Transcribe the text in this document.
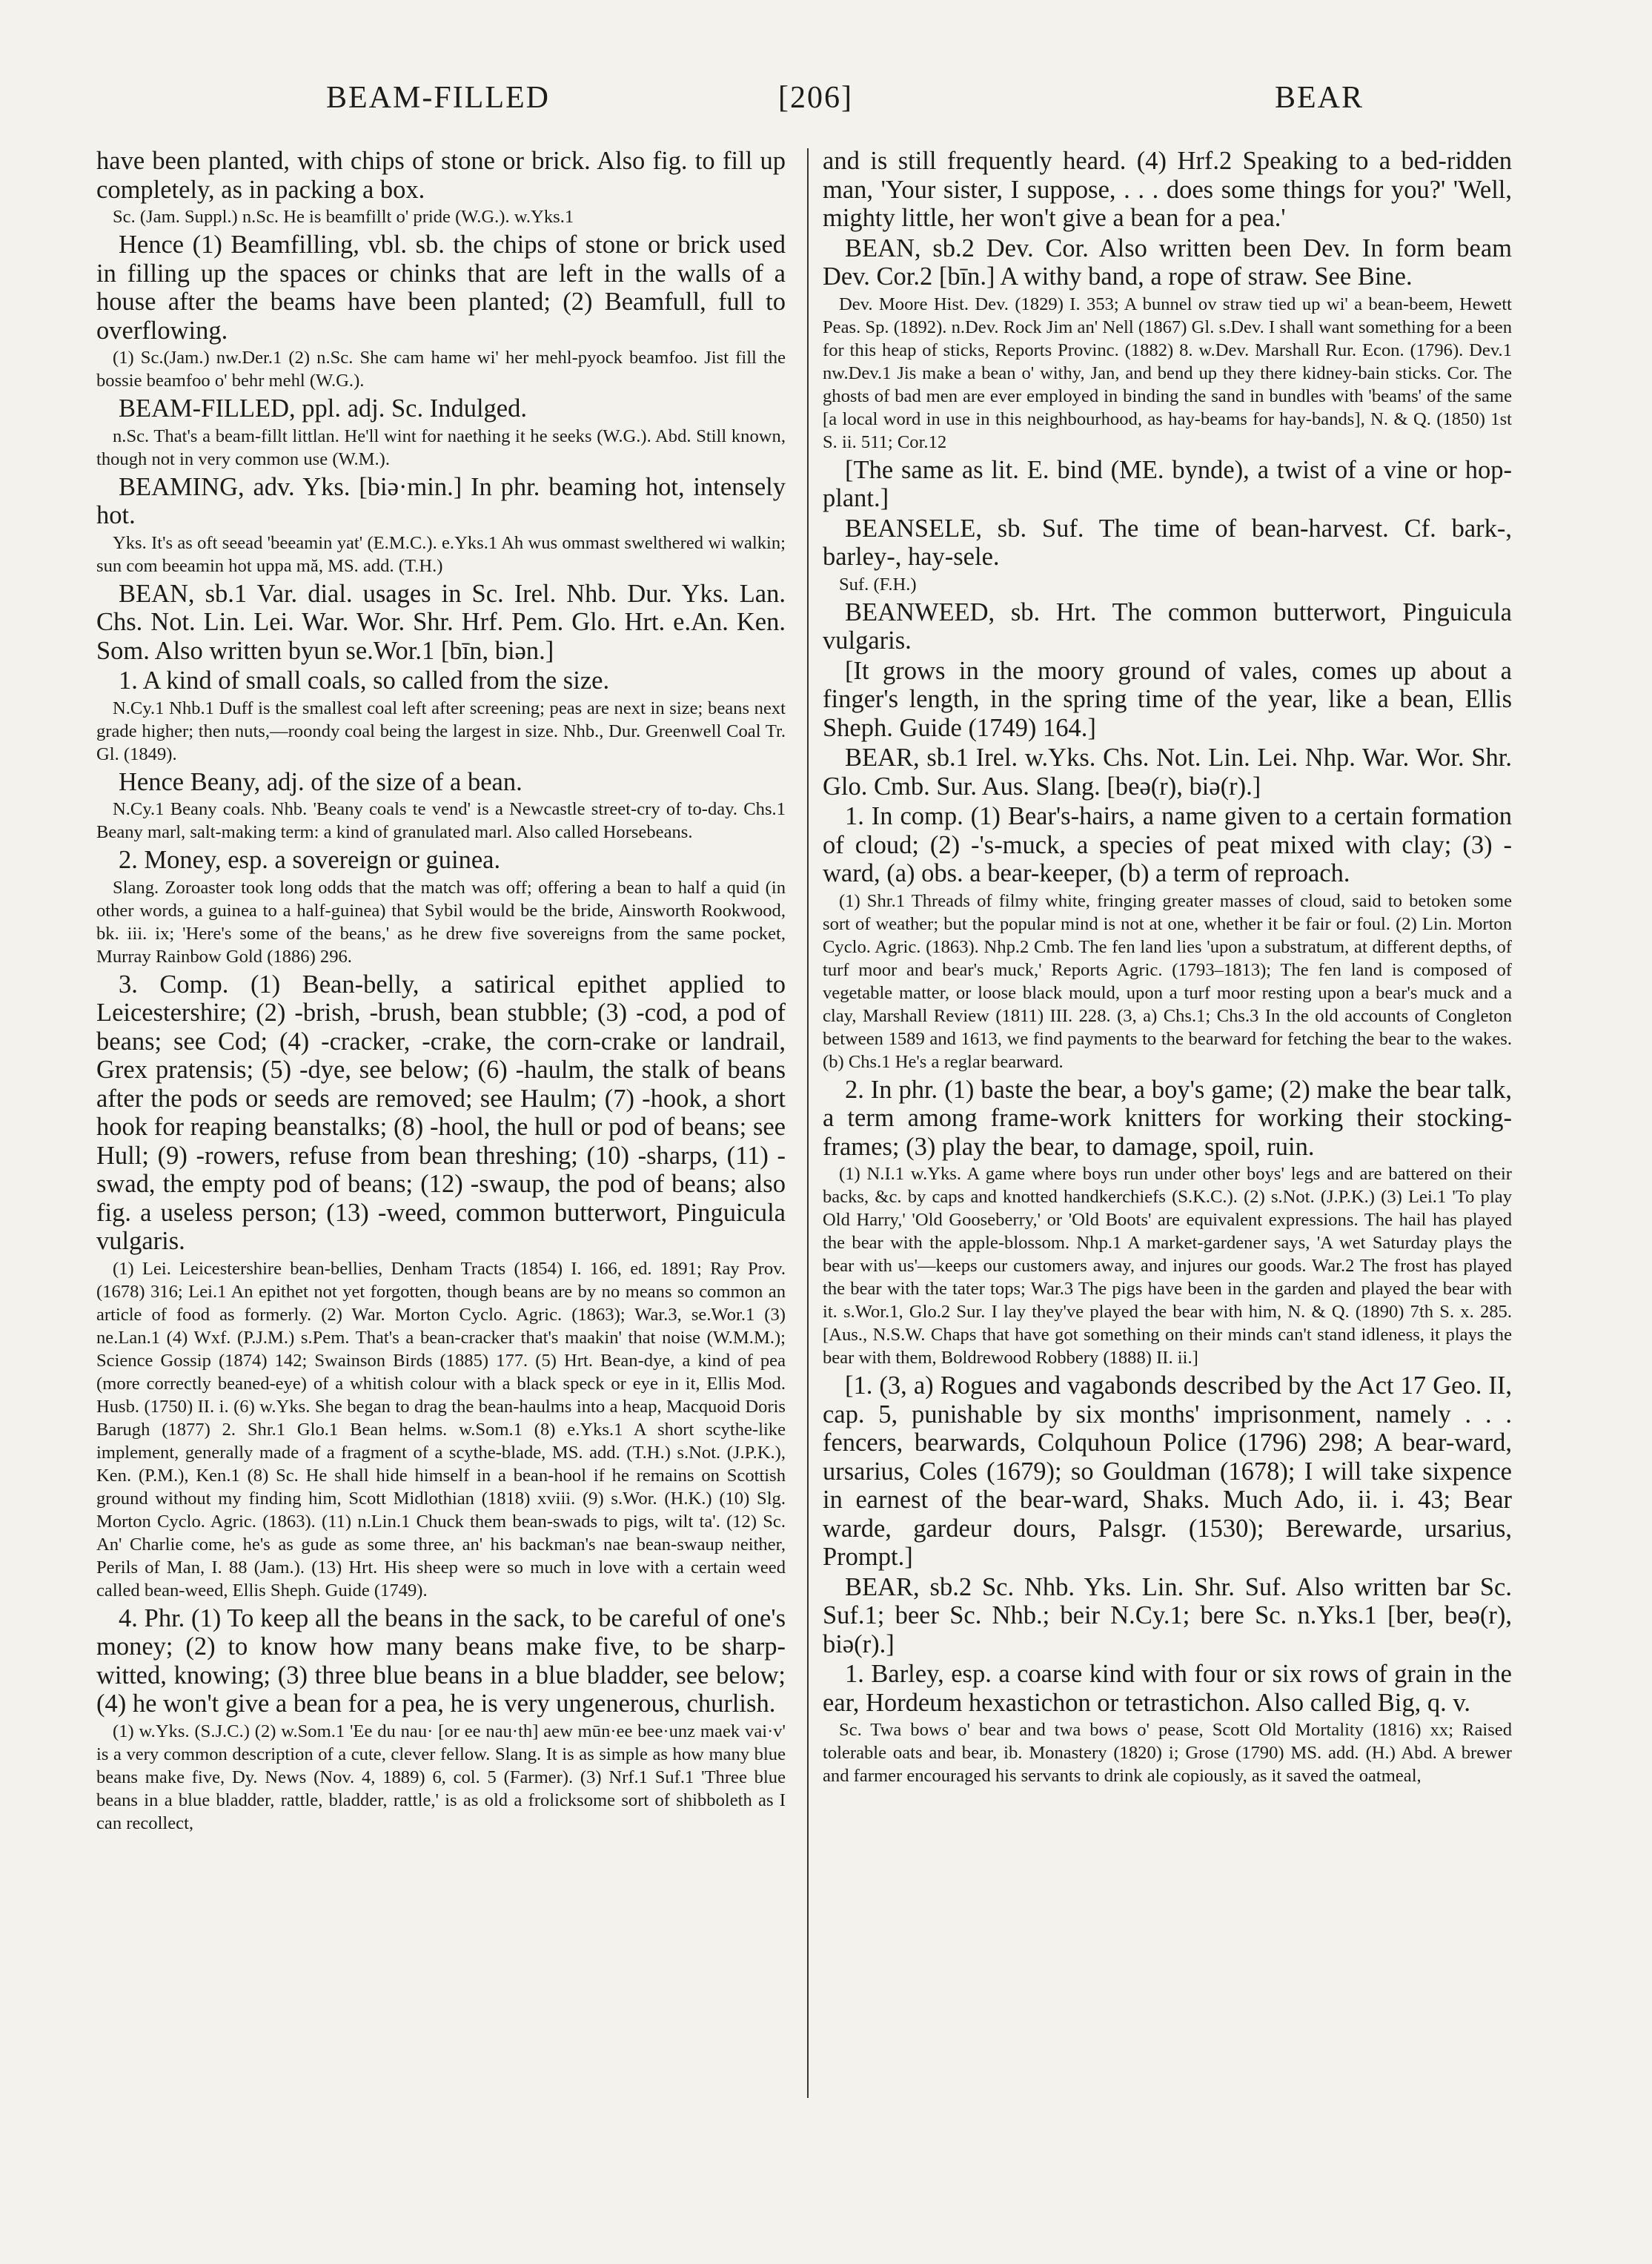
BEAM-FILLED	[206]	BEAR

have been planted, with chips of stone or brick. Also fig. to fill up completely, as in packing a box.

Sc. (Jam. Suppl.) n.Sc. He is beamfillt o' pride (W.G.). w.Yks.1

Hence (1) Beamfilling, vbl. sb. the chips of stone or brick used in filling up the spaces or chinks that are left in the walls of a house after the beams have been planted; (2) Beamfull, full to overflowing.

(1) Sc.(Jam.) nw.Der.1 (2) n.Sc. She cam hame wi' her mehl-pyock beamfoo. Jist fill the bossie beamfoo o' behr mehl (W.G.).

BEAM-FILLED, ppl. adj. Sc. Indulged.

n.Sc. That's a beam-fillt littlan. He'll wint for naething it he seeks (W.G.). Abd. Still known, though not in very common use (W.M.).

BEAMING, adv. Yks. [biə·min.] In phr. beaming hot, intensely hot.

Yks. It's as oft seead 'beeamin yat' (E.M.C.). e.Yks.1 Ah wus ommast swelthered wi walkin; sun com beeamin hot uppa mă, MS. add. (T.H.)

BEAN, sb.1 Var. dial. usages in Sc. Irel. Nhb. Dur. Yks. Lan. Chs. Not. Lin. Lei. War. Wor. Shr. Hrf. Pem. Glo. Hrt. e.An. Ken. Som. Also written byun se.Wor.1 [bīn, biən.]

1. A kind of small coals, so called from the size.

N.Cy.1 Nhb.1 Duff is the smallest coal left after screening; peas are next in size; beans next grade higher; then nuts,—roondy coal being the largest in size. Nhb., Dur. Greenwell Coal Tr. Gl. (1849).

Hence Beany, adj. of the size of a bean.

N.Cy.1 Beany coals. Nhb. 'Beany coals te vend' is a Newcastle street-cry of to-day. Chs.1 Beany marl, salt-making term: a kind of granulated marl. Also called Horsebeans.

2. Money, esp. a sovereign or guinea.

Slang. Zoroaster took long odds that the match was off; offering a bean to half a quid (in other words, a guinea to a half-guinea) that Sybil would be the bride, Ainsworth Rookwood, bk. iii. ix; 'Here's some of the beans,' as he drew five sovereigns from the same pocket, Murray Rainbow Gold (1886) 296.

3. Comp. (1) Bean-belly, a satirical epithet applied to Leicestershire; (2) -brish, -brush, bean stubble; (3) -cod, a pod of beans; see Cod; (4) -cracker, -crake, the corn-crake or landrail, Grex pratensis; (5) -dye, see below; (6) -haulm, the stalk of beans after the pods or seeds are removed; see Haulm; (7) -hook, a short hook for reaping beanstalks; (8) -hool, the hull or pod of beans; see Hull; (9) -rowers, refuse from bean threshing; (10) -sharps, (11) -swad, the empty pod of beans; (12) -swaup, the pod of beans; also fig. a useless person; (13) -weed, common butterwort, Pinguicula vulgaris.

(1) Lei. Leicestershire bean-bellies, Denham Tracts (1854) I. 166, ed. 1891; Ray Prov. (1678) 316; Lei.1 An epithet not yet forgotten, though beans are by no means so common an article of food as formerly. (2) War. Morton Cyclo. Agric. (1863); War.3, se.Wor.1 (3) ne.Lan.1 (4) Wxf. (P.J.M.) s.Pem. That's a bean-cracker that's maakin' that noise (W.M.M.); Science Gossip (1874) 142; Swainson Birds (1885) 177. (5) Hrt. Bean-dye, a kind of pea (more correctly beaned-eye) of a whitish colour with a black speck or eye in it, Ellis Mod. Husb. (1750) II. i. (6) w.Yks. She began to drag the bean-haulms into a heap, Macquoid Doris Barugh (1877) 2. Shr.1 Glo.1 Bean helms. w.Som.1 (8) e.Yks.1 A short scythe-like implement, generally made of a fragment of a scythe-blade, MS. add. (T.H.) s.Not. (J.P.K.), Ken. (P.M.), Ken.1 (8) Sc. He shall hide himself in a bean-hool if he remains on Scottish ground without my finding him, Scott Midlothian (1818) xviii. (9) s.Wor. (H.K.) (10) Slg. Morton Cyclo. Agric. (1863). (11) n.Lin.1 Chuck them bean-swads to pigs, wilt ta'. (12) Sc. An' Charlie come, he's as gude as some three, an' his backman's nae bean-swaup neither, Perils of Man, I. 88 (Jam.). (13) Hrt. His sheep were so much in love with a certain weed called bean-weed, Ellis Sheph. Guide (1749).

4. Phr. (1) To keep all the beans in the sack, to be careful of one's money; (2) to know how many beans make five, to be sharp-witted, knowing; (3) three blue beans in a blue bladder, see below; (4) he won't give a bean for a pea, he is very ungenerous, churlish.

(1) w.Yks. (S.J.C.) (2) w.Som.1 'Ee du nau· [or ee nau·th] aew mūn·ee bee·unz maek vai·v' is a very common description of a cute, clever fellow. Slang. It is as simple as how many blue beans make five, Dy. News (Nov. 4, 1889) 6, col. 5 (Farmer). (3) Nrf.1 Suf.1 'Three blue beans in a blue bladder, rattle, bladder, rattle,' is as old a frolicksome sort of shibboleth as I can recollect,

and is still frequently heard. (4) Hrf.2 Speaking to a bed-ridden man, 'Your sister, I suppose, . . . does some things for you?' 'Well, mighty little, her won't give a bean for a pea.'

BEAN, sb.2 Dev. Cor. Also written been Dev. In form beam Dev. Cor.2 [bīn.] A withy band, a rope of straw. See Bine.

Dev. Moore Hist. Dev. (1829) I. 353; A bunnel ov straw tied up wi' a bean-beem, Hewett Peas. Sp. (1892). n.Dev. Rock Jim an' Nell (1867) Gl. s.Dev. I shall want something for a been for this heap of sticks, Reports Provinc. (1882) 8. w.Dev. Marshall Rur. Econ. (1796). Dev.1 nw.Dev.1 Jis make a bean o' withy, Jan, and bend up they there kidney-bain sticks. Cor. The ghosts of bad men are ever employed in binding the sand in bundles with 'beams' of the same [a local word in use in this neighbourhood, as hay-beams for hay-bands], N. & Q. (1850) 1st S. ii. 511; Cor.12

[The same as lit. E. bind (ME. bynde), a twist of a vine or hop-plant.]

BEANSELE, sb. Suf. The time of bean-harvest. Cf. bark-, barley-, hay-sele.

Suf. (F.H.)

BEANWEED, sb. Hrt. The common butterwort, Pinguicula vulgaris.

[It grows in the moory ground of vales, comes up about a finger's length, in the spring time of the year, like a bean, Ellis Sheph. Guide (1749) 164.]

BEAR, sb.1 Irel. w.Yks. Chs. Not. Lin. Lei. Nhp. War. Wor. Shr. Glo. Cmb. Sur. Aus. Slang. [beə(r), biə(r).]

1. In comp. (1) Bear's-hairs, a name given to a certain formation of cloud; (2) -'s-muck, a species of peat mixed with clay; (3) -ward, (a) obs. a bear-keeper, (b) a term of reproach.

(1) Shr.1 Threads of filmy white, fringing greater masses of cloud, said to betoken some sort of weather; but the popular mind is not at one, whether it be fair or foul. (2) Lin. Morton Cyclo. Agric. (1863). Nhp.2 Cmb. The fen land lies 'upon a substratum, at different depths, of turf moor and bear's muck,' Reports Agric. (1793–1813); The fen land is composed of vegetable matter, or loose black mould, upon a turf moor resting upon a bear's muck and a clay, Marshall Review (1811) III. 228. (3, a) Chs.1; Chs.3 In the old accounts of Congleton between 1589 and 1613, we find payments to the bearward for fetching the bear to the wakes. (b) Chs.1 He's a reglar bearward.

2. In phr. (1) baste the bear, a boy's game; (2) make the bear talk, a term among frame-work knitters for working their stocking-frames; (3) play the bear, to damage, spoil, ruin.

(1) N.I.1 w.Yks. A game where boys run under other boys' legs and are battered on their backs, &c. by caps and knotted handkerchiefs (S.K.C.). (2) s.Not. (J.P.K.) (3) Lei.1 'To play Old Harry,' 'Old Gooseberry,' or 'Old Boots' are equivalent expressions. The hail has played the bear with the apple-blossom. Nhp.1 A market-gardener says, 'A wet Saturday plays the bear with us'—keeps our customers away, and injures our goods. War.2 The frost has played the bear with the tater tops; War.3 The pigs have been in the garden and played the bear with it. s.Wor.1, Glo.2 Sur. I lay they've played the bear with him, N. & Q. (1890) 7th S. x. 285. [Aus., N.S.W. Chaps that have got something on their minds can't stand idleness, it plays the bear with them, Boldrewood Robbery (1888) II. ii.]

[1. (3, a) Rogues and vagabonds described by the Act 17 Geo. II, cap. 5, punishable by six months' imprisonment, namely . . . fencers, bearwards, Colquhoun Police (1796) 298; A bear-ward, ursarius, Coles (1679); so Gouldman (1678); I will take sixpence in earnest of the bear-ward, Shaks. Much Ado, ii. i. 43; Bear warde, gardeur dours, Palsgr. (1530); Berewarde, ursarius, Prompt.]

BEAR, sb.2 Sc. Nhb. Yks. Lin. Shr. Suf. Also written bar Sc. Suf.1; beer Sc. Nhb.; beir N.Cy.1; bere Sc. n.Yks.1 [ber, beə(r), biə(r).]

1. Barley, esp. a coarse kind with four or six rows of grain in the ear, Hordeum hexastichon or tetrastichon. Also called Big, q. v.

Sc. Twa bows o' bear and twa bows o' pease, Scott Old Mortality (1816) xx; Raised tolerable oats and bear, ib. Monastery (1820) i; Grose (1790) MS. add. (H.) Abd. A brewer and farmer encouraged his servants to drink ale copiously, as it saved the oatmeal,
